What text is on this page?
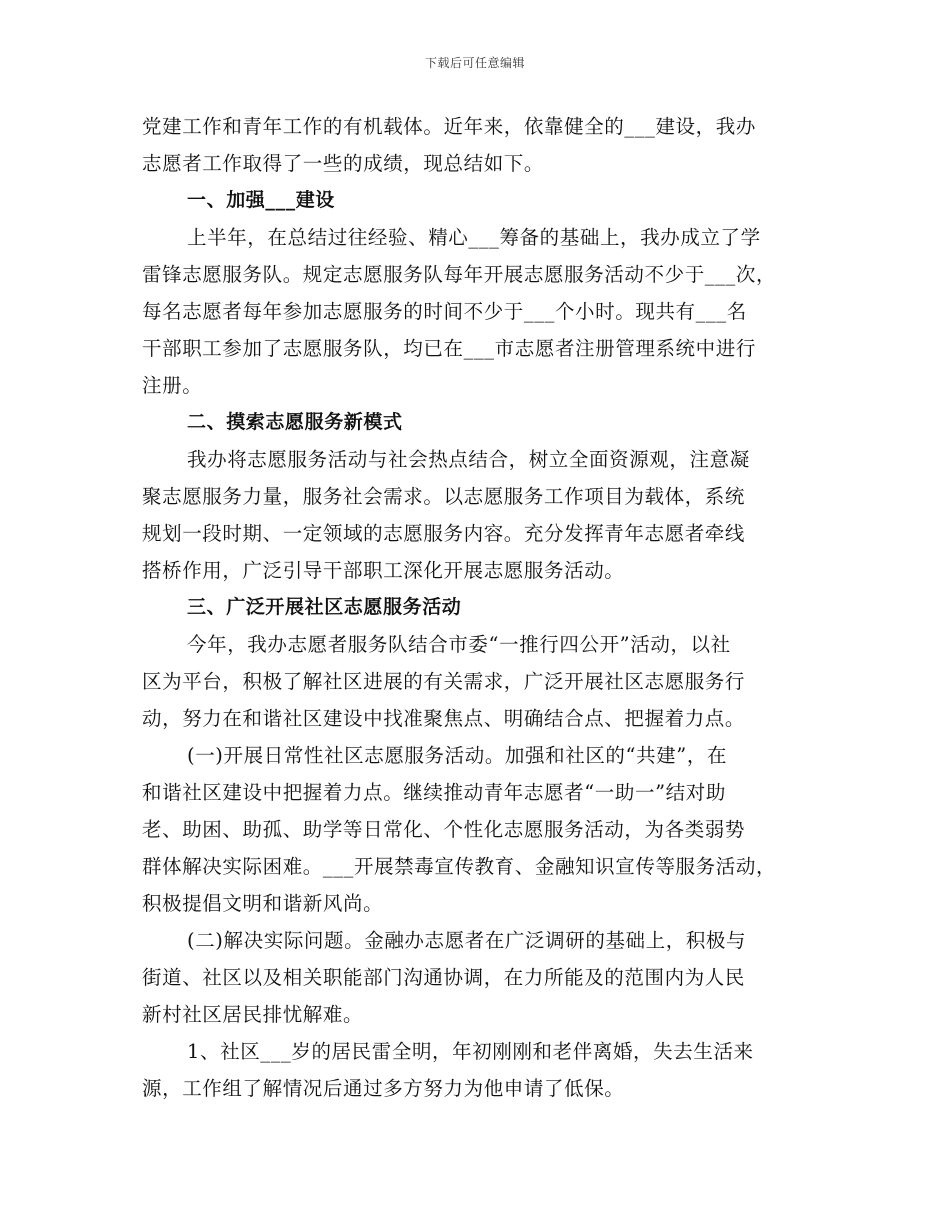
下载后可任意编辑
党建工作和青年工作的有机载体。近年来，依靠健全的___建设，我办
志愿者工作取得了一些的成绩，现总结如下。
一、加强___建设
上半年，在总结过往经验、精心___筹备的基础上，我办成立了学
雷锋志愿服务队。规定志愿服务队每年开展志愿服务活动不少于___次，
每名志愿者每年参加志愿服务的时间不少于___个小时。现共有___名
干部职工参加了志愿服务队，均已在___市志愿者注册管理系统中进行
注册。
二、摸索志愿服务新模式
我办将志愿服务活动与社会热点结合，树立全面资源观，注意凝
聚志愿服务力量，服务社会需求。以志愿服务工作项目为载体，系统
规划一段时期、一定领域的志愿服务内容。充分发挥青年志愿者牵线
搭桥作用，广泛引导干部职工深化开展志愿服务活动。
三、广泛开展社区志愿服务活动
今年，我办志愿者服务队结合市委“一推行四公开”活动，以社
区为平台，积极了解社区进展的有关需求，广泛开展社区志愿服务行
动，努力在和谐社区建设中找准聚焦点、明确结合点、把握着力点。
(一)开展日常性社区志愿服务活动。加强和社区的“共建”，在
和谐社区建设中把握着力点。继续推动青年志愿者“一助一”结对助
老、助困、助孤、助学等日常化、个性化志愿服务活动，为各类弱势
群体解决实际困难。___开展禁毒宣传教育、金融知识宣传等服务活动，
积极提倡文明和谐新风尚。
(二)解决实际问题。金融办志愿者在广泛调研的基础上，积极与
街道、社区以及相关职能部门沟通协调，在力所能及的范围内为人民
新村社区居民排忧解难。
1、社区___岁的居民雷全明，年初刚刚和老伴离婚，失去生活来
源，工作组了解情况后通过多方努力为他申请了低保。
